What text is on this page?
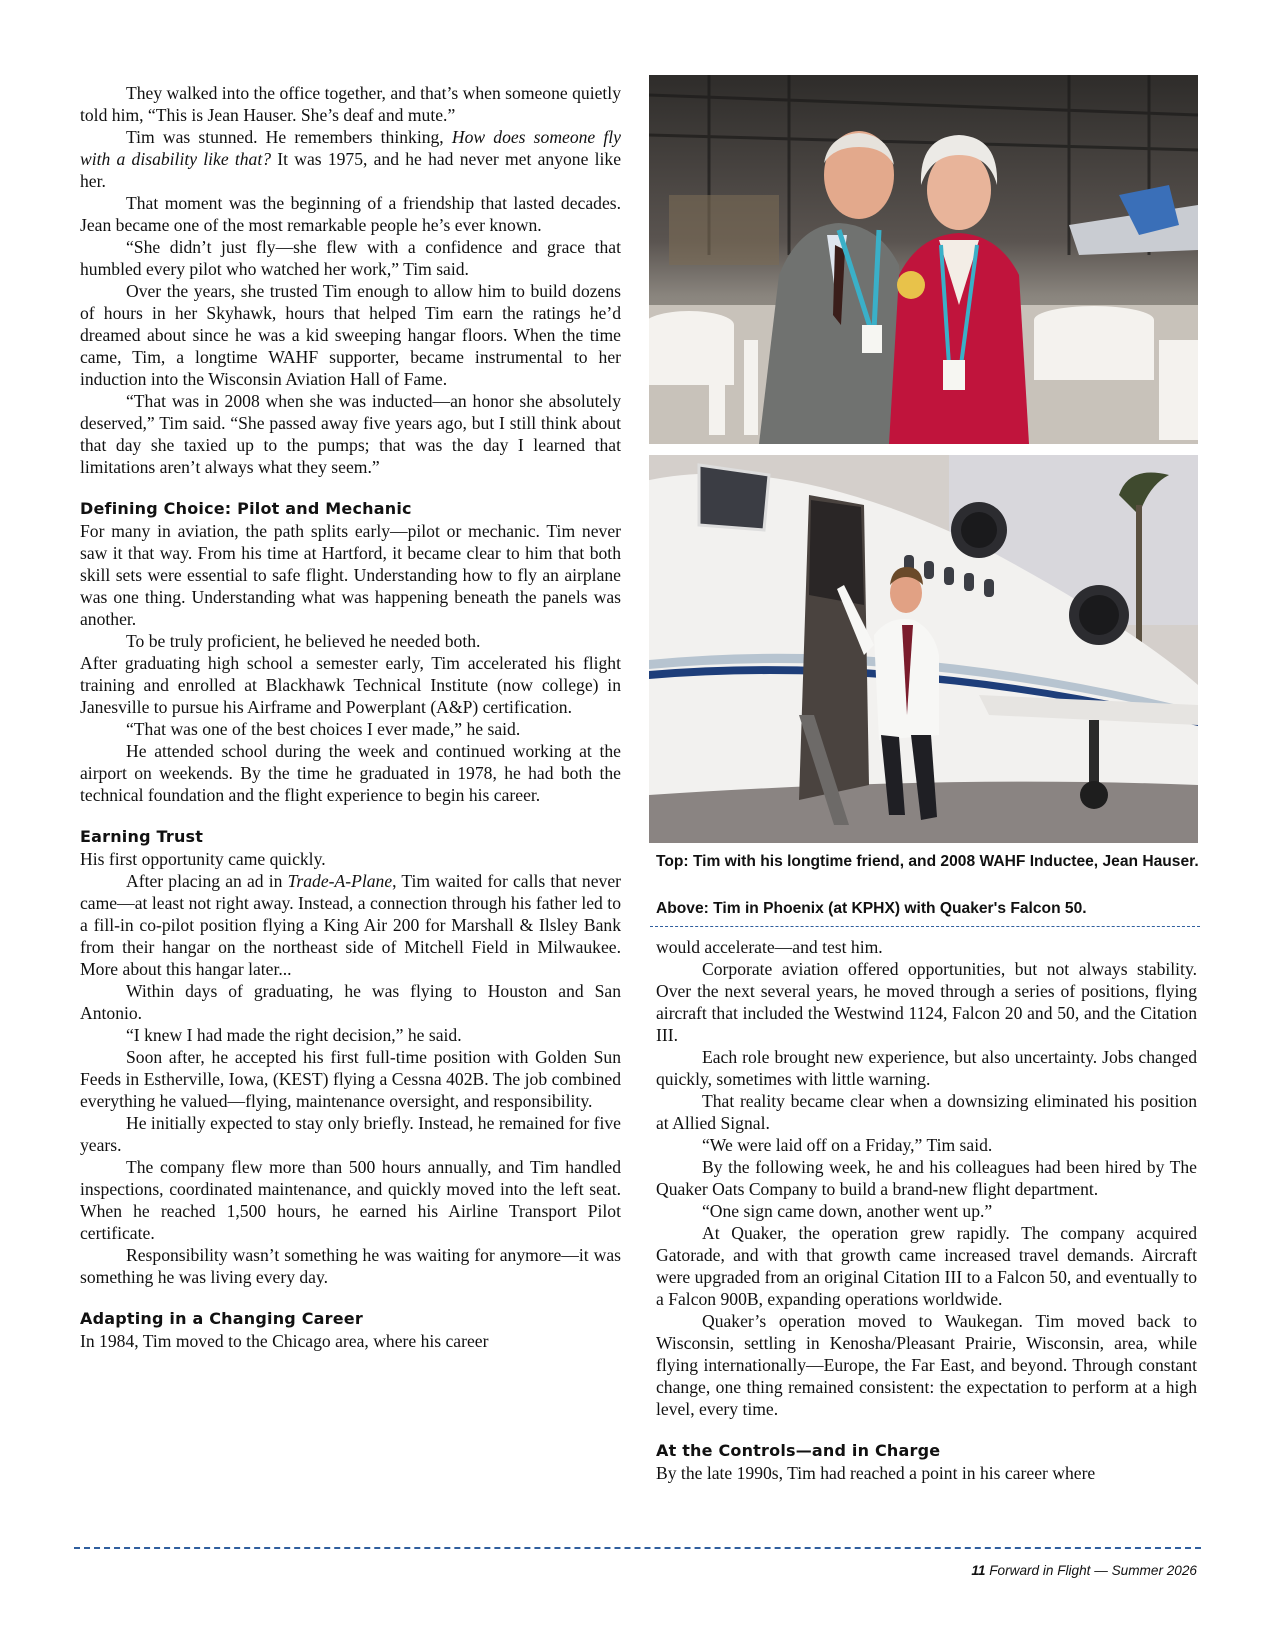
They walked into the office together, and that’s when someone quietly told him, “This is Jean Hauser. She’s deaf and mute.”

Tim was stunned. He remembers thinking, How does someone fly with a disability like that? It was 1975, and he had never met anyone like her.

That moment was the beginning of a friendship that lasted decades. Jean became one of the most remarkable people he’s ever known.

“She didn’t just fly—she flew with a confidence and grace that humbled every pilot who watched her work,” Tim said.

Over the years, she trusted Tim enough to allow him to build dozens of hours in her Skyhawk, hours that helped Tim earn the ratings he’d dreamed about since he was a kid sweeping hangar floors. When the time came, Tim, a longtime WAHF supporter, became instrumental to her induction into the Wisconsin Aviation Hall of Fame.

“That was in 2008 when she was inducted—an honor she absolutely deserved,” Tim said. “She passed away five years ago, but I still think about that day she taxied up to the pumps; that was the day I learned that limitations aren’t always what they seem.”

Defining Choice: Pilot and Mechanic

For many in aviation, the path splits early—pilot or mechanic. Tim never saw it that way. From his time at Hartford, it became clear to him that both skill sets were essential to safe flight. Understanding how to fly an airplane was one thing. Understanding what was happening beneath the panels was another.

To be truly proficient, he believed he needed both.

After graduating high school a semester early, Tim accelerated his flight training and enrolled at Blackhawk Technical Institute (now college) in Janesville to pursue his Airframe and Powerplant (A&P) certification.

“That was one of the best choices I ever made,” he said.

He attended school during the week and continued working at the airport on weekends. By the time he graduated in 1978, he had both the technical foundation and the flight experience to begin his career.

Earning Trust

His first opportunity came quickly.

After placing an ad in Trade-A-Plane, Tim waited for calls that never came—at least not right away. Instead, a connection through his father led to a fill-in co-pilot position flying a King Air 200 for Marshall & Ilsley Bank from their hangar on the northeast side of Mitchell Field in Milwaukee. More about this hangar later...

Within days of graduating, he was flying to Houston and San Antonio.

“I knew I had made the right decision,” he said.

Soon after, he accepted his first full-time position with Golden Sun Feeds in Estherville, Iowa, (KEST) flying a Cessna 402B. The job combined everything he valued—flying, maintenance oversight, and responsibility.

He initially expected to stay only briefly. Instead, he remained for five years.

The company flew more than 500 hours annually, and Tim handled inspections, coordinated maintenance, and quickly moved into the left seat. When he reached 1,500 hours, he earned his Airline Transport Pilot certificate.

Responsibility wasn’t something he was waiting for anymore—it was something he was living every day.

Adapting in a Changing Career

In 1984, Tim moved to the Chicago area, where his career

Top: Tim with his longtime friend, and 2008 WAHF Inductee, Jean Hauser.
Above: Tim in Phoenix (at KPHX) with Quaker's Falcon 50.

would accelerate—and test him.

Corporate aviation offered opportunities, but not always stability. Over the next several years, he moved through a series of positions, flying aircraft that included the Westwind 1124, Falcon 20 and 50, and the Citation III.

Each role brought new experience, but also uncertainty. Jobs changed quickly, sometimes with little warning.

That reality became clear when a downsizing eliminated his position at Allied Signal.

“We were laid off on a Friday,” Tim said.

By the following week, he and his colleagues had been hired by The Quaker Oats Company to build a brand-new flight department.

“One sign came down, another went up.”

At Quaker, the operation grew rapidly. The company acquired Gatorade, and with that growth came increased travel demands. Aircraft were upgraded from an original Citation III to a Falcon 50, and eventually to a Falcon 900B, expanding operations worldwide.

Quaker’s operation moved to Waukegan. Tim moved back to Wisconsin, settling in Kenosha/Pleasant Prairie, Wisconsin, area, while flying internationally—Europe, the Far East, and beyond. Through constant change, one thing remained consistent: the expectation to perform at a high level, every time.

At the Controls—and in Charge

By the late 1990s, Tim had reached a point in his career where

11 Forward in Flight — Summer 2026
